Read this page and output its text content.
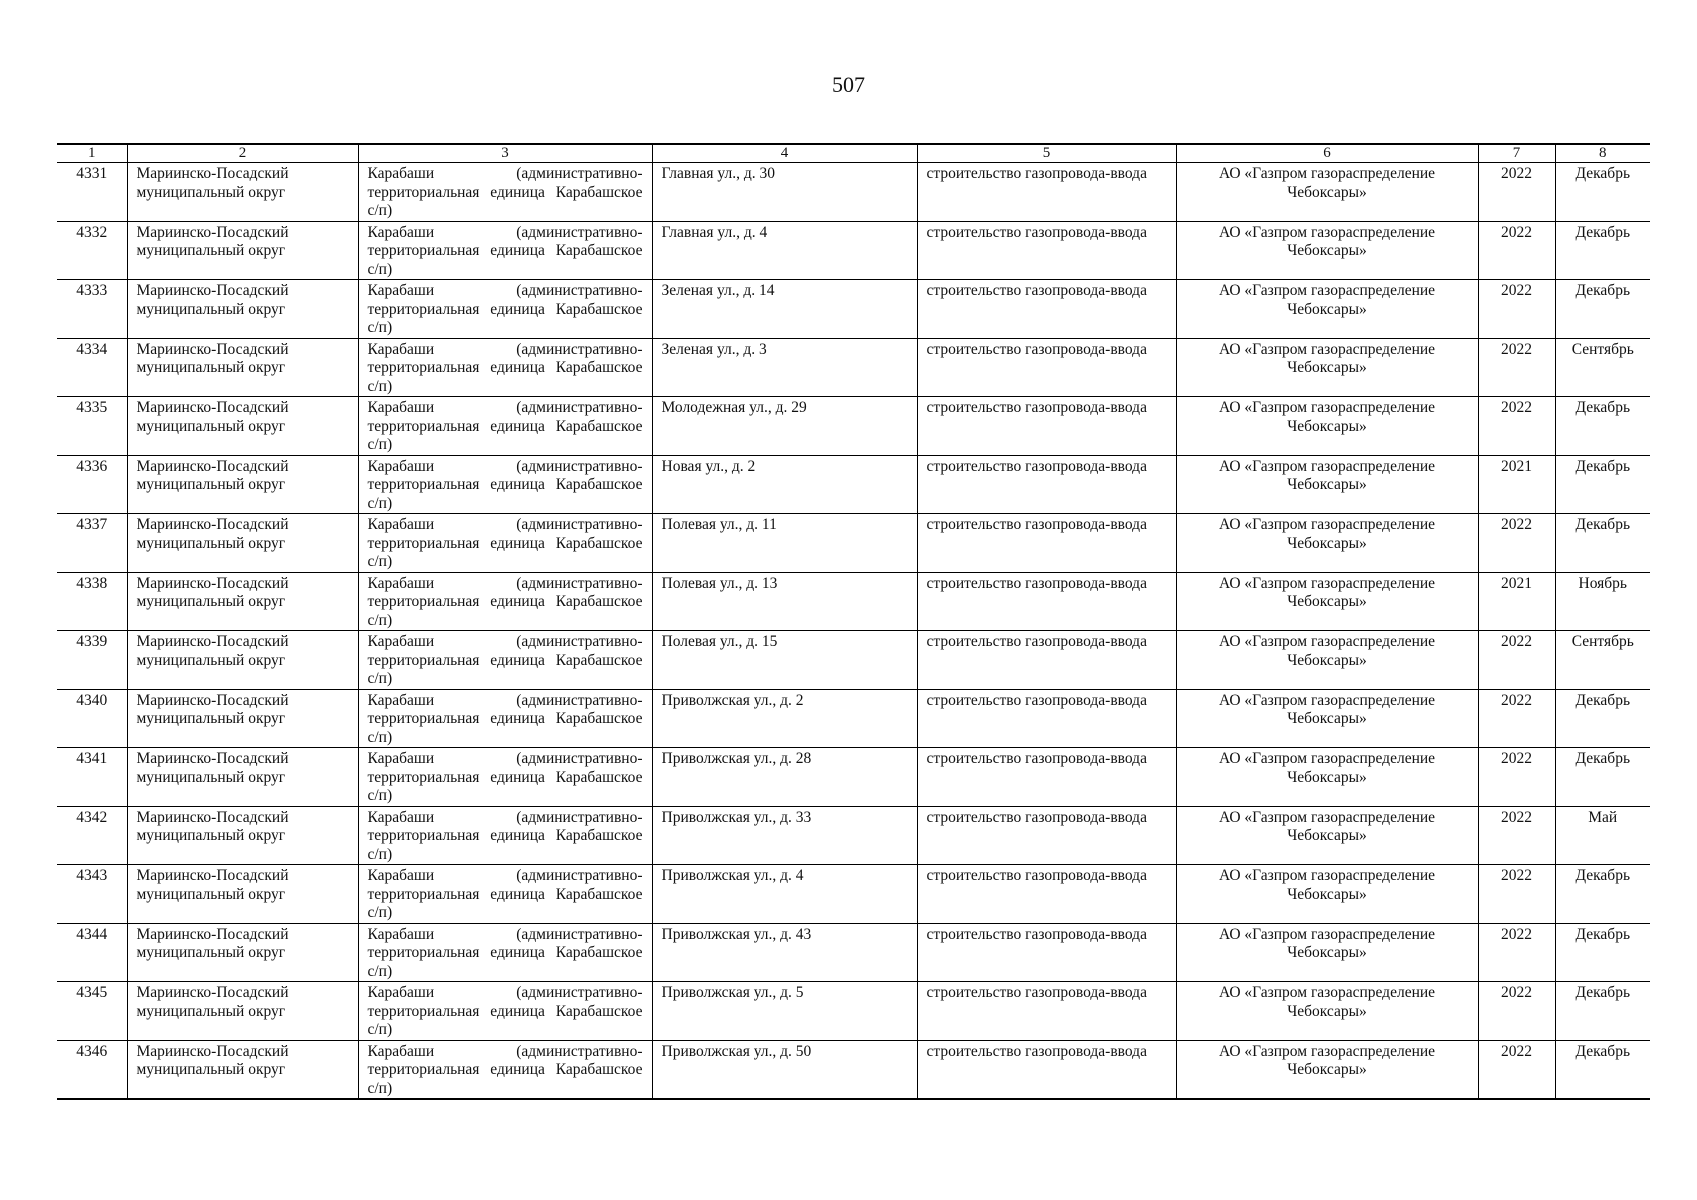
507
1	2	3	4	5	6	7	8
4331	Мариинско-Посадский муниципальный округ	Карабаши (административно-территориальная единица Карабашское с/п)	Главная ул., д. 30	строительство газопровода-ввода	АО «Газпром газораспределение Чебоксары»	2022	Декабрь
4332	Мариинско-Посадский муниципальный округ	Карабаши (административно-территориальная единица Карабашское с/п)	Главная ул., д. 4	строительство газопровода-ввода	АО «Газпром газораспределение Чебоксары»	2022	Декабрь
4333	Мариинско-Посадский муниципальный округ	Карабаши (административно-территориальная единица Карабашское с/п)	Зеленая ул., д. 14	строительство газопровода-ввода	АО «Газпром газораспределение Чебоксары»	2022	Декабрь
4334	Мариинско-Посадский муниципальный округ	Карабаши (административно-территориальная единица Карабашское с/п)	Зеленая ул., д. 3	строительство газопровода-ввода	АО «Газпром газораспределение Чебоксары»	2022	Сентябрь
4335	Мариинско-Посадский муниципальный округ	Карабаши (административно-территориальная единица Карабашское с/п)	Молодежная ул., д. 29	строительство газопровода-ввода	АО «Газпром газораспределение Чебоксары»	2022	Декабрь
4336	Мариинско-Посадский муниципальный округ	Карабаши (административно-территориальная единица Карабашское с/п)	Новая ул., д. 2	строительство газопровода-ввода	АО «Газпром газораспределение Чебоксары»	2021	Декабрь
4337	Мариинско-Посадский муниципальный округ	Карабаши (административно-территориальная единица Карабашское с/п)	Полевая ул., д. 11	строительство газопровода-ввода	АО «Газпром газораспределение Чебоксары»	2022	Декабрь
4338	Мариинско-Посадский муниципальный округ	Карабаши (административно-территориальная единица Карабашское с/п)	Полевая ул., д. 13	строительство газопровода-ввода	АО «Газпром газораспределение Чебоксары»	2021	Ноябрь
4339	Мариинско-Посадский муниципальный округ	Карабаши (административно-территориальная единица Карабашское с/п)	Полевая ул., д. 15	строительство газопровода-ввода	АО «Газпром газораспределение Чебоксары»	2022	Сентябрь
4340	Мариинско-Посадский муниципальный округ	Карабаши (административно-территориальная единица Карабашское с/п)	Приволжская ул., д. 2	строительство газопровода-ввода	АО «Газпром газораспределение Чебоксары»	2022	Декабрь
4341	Мариинско-Посадский муниципальный округ	Карабаши (административно-территориальная единица Карабашское с/п)	Приволжская ул., д. 28	строительство газопровода-ввода	АО «Газпром газораспределение Чебоксары»	2022	Декабрь
4342	Мариинско-Посадский муниципальный округ	Карабаши (административно-территориальная единица Карабашское с/п)	Приволжская ул., д. 33	строительство газопровода-ввода	АО «Газпром газораспределение Чебоксары»	2022	Май
4343	Мариинско-Посадский муниципальный округ	Карабаши (административно-территориальная единица Карабашское с/п)	Приволжская ул., д. 4	строительство газопровода-ввода	АО «Газпром газораспределение Чебоксары»	2022	Декабрь
4344	Мариинско-Посадский муниципальный округ	Карабаши (административно-территориальная единица Карабашское с/п)	Приволжская ул., д. 43	строительство газопровода-ввода	АО «Газпром газораспределение Чебоксары»	2022	Декабрь
4345	Мариинско-Посадский муниципальный округ	Карабаши (административно-территориальная единица Карабашское с/п)	Приволжская ул., д. 5	строительство газопровода-ввода	АО «Газпром газораспределение Чебоксары»	2022	Декабрь
4346	Мариинско-Посадский муниципальный округ	Карабаши (административно-территориальная единица Карабашское с/п)	Приволжская ул., д. 50	строительство газопровода-ввода	АО «Газпром газораспределение Чебоксары»	2022	Декабрь
